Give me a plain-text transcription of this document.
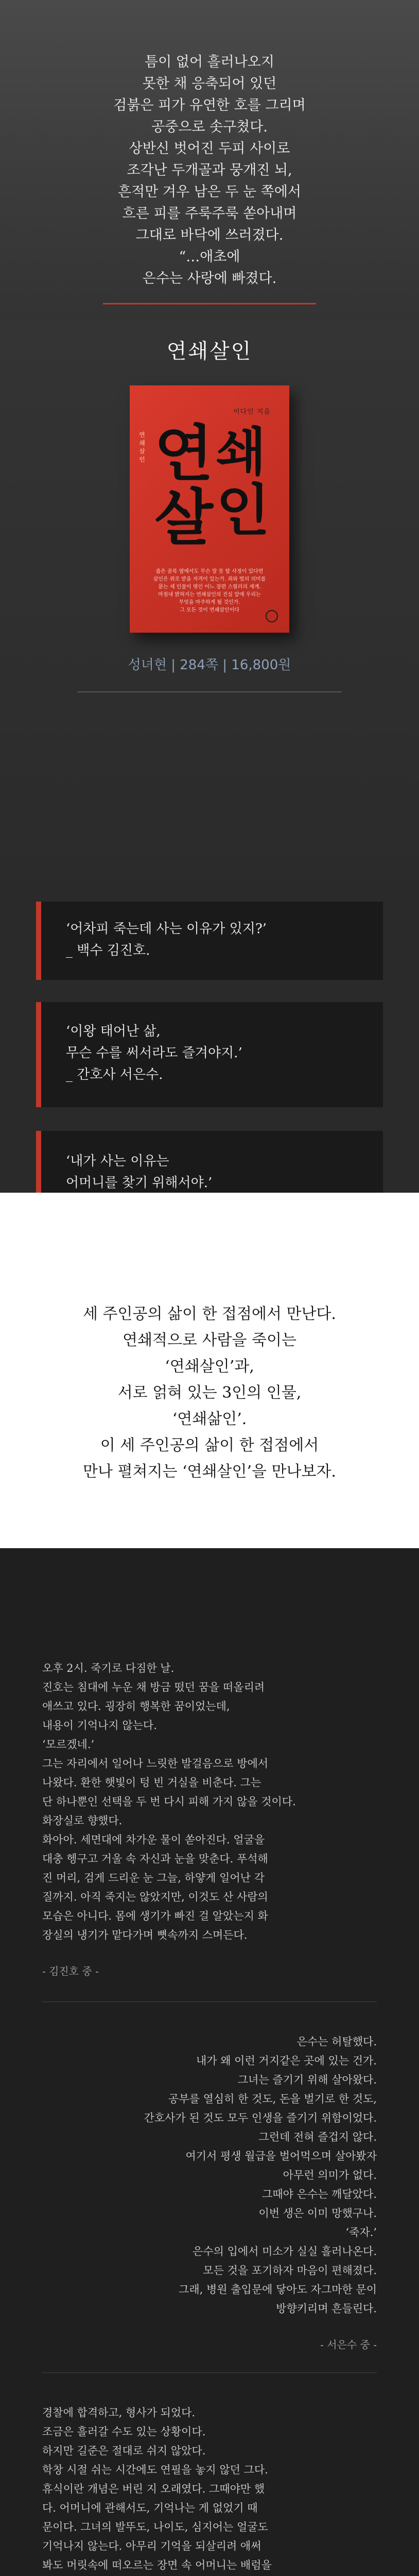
틈이 없어 흘러나오지
못한 채 응축되어 있던
검붉은 피가 유연한 호를 그리며
공중으로 솟구쳤다.
상반신 벗어진 두피 사이로
조각난 두개골과 뭉개진 뇌,
흔적만 겨우 남은 두 눈 쪽에서
흐른 피를 주룩주룩 쏟아내며
그대로 바닥에 쓰러졌다.
“…애초에
은수는 사랑에 빠졌다.
연쇄살인
이다인 지음
연쇄살인 연 쇄
살 인
좁은 골목 옆에서도 무슨 말 못 할 사정이 있다면
살인은 위로 받을 자격이 있는가. 죄와 벌의 의미를
묻는 세 인물이 엮인 어느 장편 스릴러의 세계.
마침내 밝혀지는 연쇄살인의 진실 앞에 우리는
무엇을 마주하게 될 것인가.
그 모든 것이 연쇄살인이다
성녀현 | 284쪽 | 16,800원
‘어차피 죽는데 사는 이유가 있지?’
_ 백수 김진호.
‘이왕 태어난 삶,
무슨 수를 써서라도 즐겨야지.’
_ 간호사 서은수.
‘내가 사는 이유는
어머니를 찾기 위해서야.’
세 주인공의 삶이 한 접점에서 만난다.
연쇄적으로 사람을 죽이는
‘연쇄살인’과,
서로 얽혀 있는 3인의 인물,
‘연쇄삶인’.
이 세 주인공의 삶이 한 접점에서
만나 펼쳐지는 ‘연쇄살인’을 만나보자.
오후 2시. 죽기로 다짐한 날.
진호는 침대에 누운 채 방금 떴던 꿈을 떠올리려
애쓰고 있다. 굉장히 행복한 꿈이었는데,
내용이 기억나지 않는다.
‘모르겠네.’
그는 자리에서 일어나 느릿한 발걸음으로 방에서
나왔다. 환한 햇빛이 텅 빈 거실을 비춘다. 그는
단 하나뿐인 선택을 두 번 다시 피해 가지 않을 것이다.
화장실로 향했다.
화아아. 세면대에 차가운 물이 쏟아진다. 얼굴을
대충 헹구고 거울 속 자신과 눈을 맞춘다. 푸석해
진 머리, 검게 드리운 눈 그늘, 하얗게 일어난 각
질까지. 아직 죽지는 않았지만, 이것도 산 사람의
모습은 아니다. 몸에 생기가 빠진 걸 알았는지 화
장실의 냉기가 맡다가며 뼛속까지 스며든다.
- 김진호 중 -
은수는 허탈했다.
내가 왜 이런 거지같은 곳에 있는 건가.
그녀는 즐기기 위해 살아왔다.
공부를 열심히 한 것도, 돈을 벌기로 한 것도,
간호사가 된 것도 모두 인생을 즐기기 위함이었다.
그런데 전혀 즐겁지 않다.
여기서 평생 월급을 벌어먹으며 살아봤자
아무런 의미가 없다.
그때야 은수는 깨달았다.
이번 생은 이미 망했구나.
‘죽자.’
은수의 입에서 미소가 실실 흘러나온다.
모든 것을 포기하자 마음이 편해졌다.
그래, 병원 출입문에 닿아도 자그마한 문이
방향키리며 흔들린다.
- 서은수 중 -
경찰에 합격하고, 형사가 되었다.
조금은 흘러갈 수도 있는 상황이다.
하지만 길준은 절대로 쉬지 않았다.
학창 시절 쉬는 시간에도 연필을 놓지 않던 그다.
휴식이란 개념은 버린 지 오래였다. 그때야만 했
다. 어머니에 관해서도, 기억나는 게 없었기 때
문이다. 그녀의 발뚜도, 나이도, 심지어는 얼굴도
기억나지 않는다. 아무리 기억을 되살리려 애써
봐도 머릿속에 떠오르는 장면 속 어머니는 배럼을
